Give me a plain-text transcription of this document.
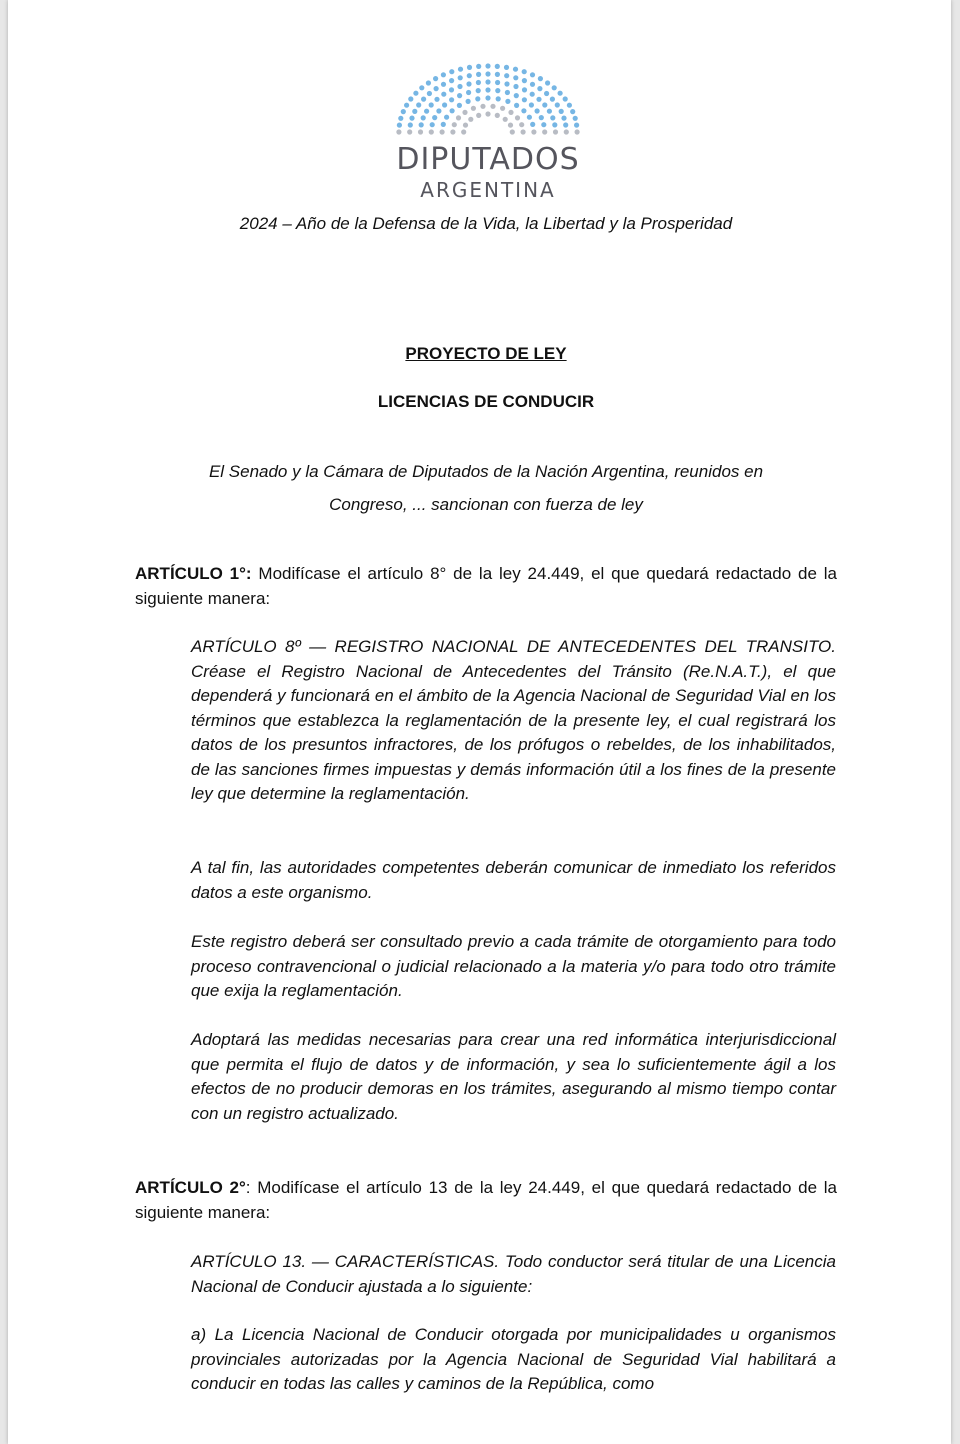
DIPUTADOS
ARGENTINA
2024 – Año de la Defensa de la Vida, la Libertad y la Prosperidad
PROYECTO DE LEY
LICENCIAS DE CONDUCIR
El Senado y la Cámara de Diputados de la Nación Argentina, reunidos en
Congreso, ... sancionan con fuerza de ley
ARTÍCULO 1°: Modifícase el artículo 8° de la ley 24.449, el que quedará redactado de la siguiente manera:

ARTÍCULO 8º — REGISTRO NACIONAL DE ANTECEDENTES DEL TRANSITO. Créase el Registro Nacional de Antecedentes del Tránsito (Re.N.A.T.), el que dependerá y funcionará en el ámbito de la Agencia Nacional de Seguridad Vial en los términos que establezca la reglamentación de la presente ley, el cual registrará los datos de los presuntos infractores, de los prófugos o rebeldes, de los inhabilitados, de las sanciones firmes impuestas y demás información útil a los fines de la presente ley que determine la reglamentación.

A tal fin, las autoridades competentes deberán comunicar de inmediato los referidos datos a este organismo.

Este registro deberá ser consultado previo a cada trámite de otorgamiento para todo proceso contravencional o judicial relacionado a la materia y/o para todo otro trámite que exija la reglamentación.

Adoptará las medidas necesarias para crear una red informática interjurisdiccional que permita el flujo de datos y de información, y sea lo suficientemente ágil a los efectos de no producir demoras en los trámites, asegurando al mismo tiempo contar con un registro actualizado.

ARTÍCULO 2°: Modifícase el artículo 13 de la ley 24.449, el que quedará redactado de la siguiente manera:

ARTÍCULO 13. — CARACTERÍSTICAS. Todo conductor será titular de una Licencia Nacional de Conducir ajustada a lo siguiente:

a) La Licencia Nacional de Conducir otorgada por municipalidades u organismos provinciales autorizadas por la Agencia Nacional de Seguridad Vial habilitará a conducir en todas las calles y caminos de la República, como
